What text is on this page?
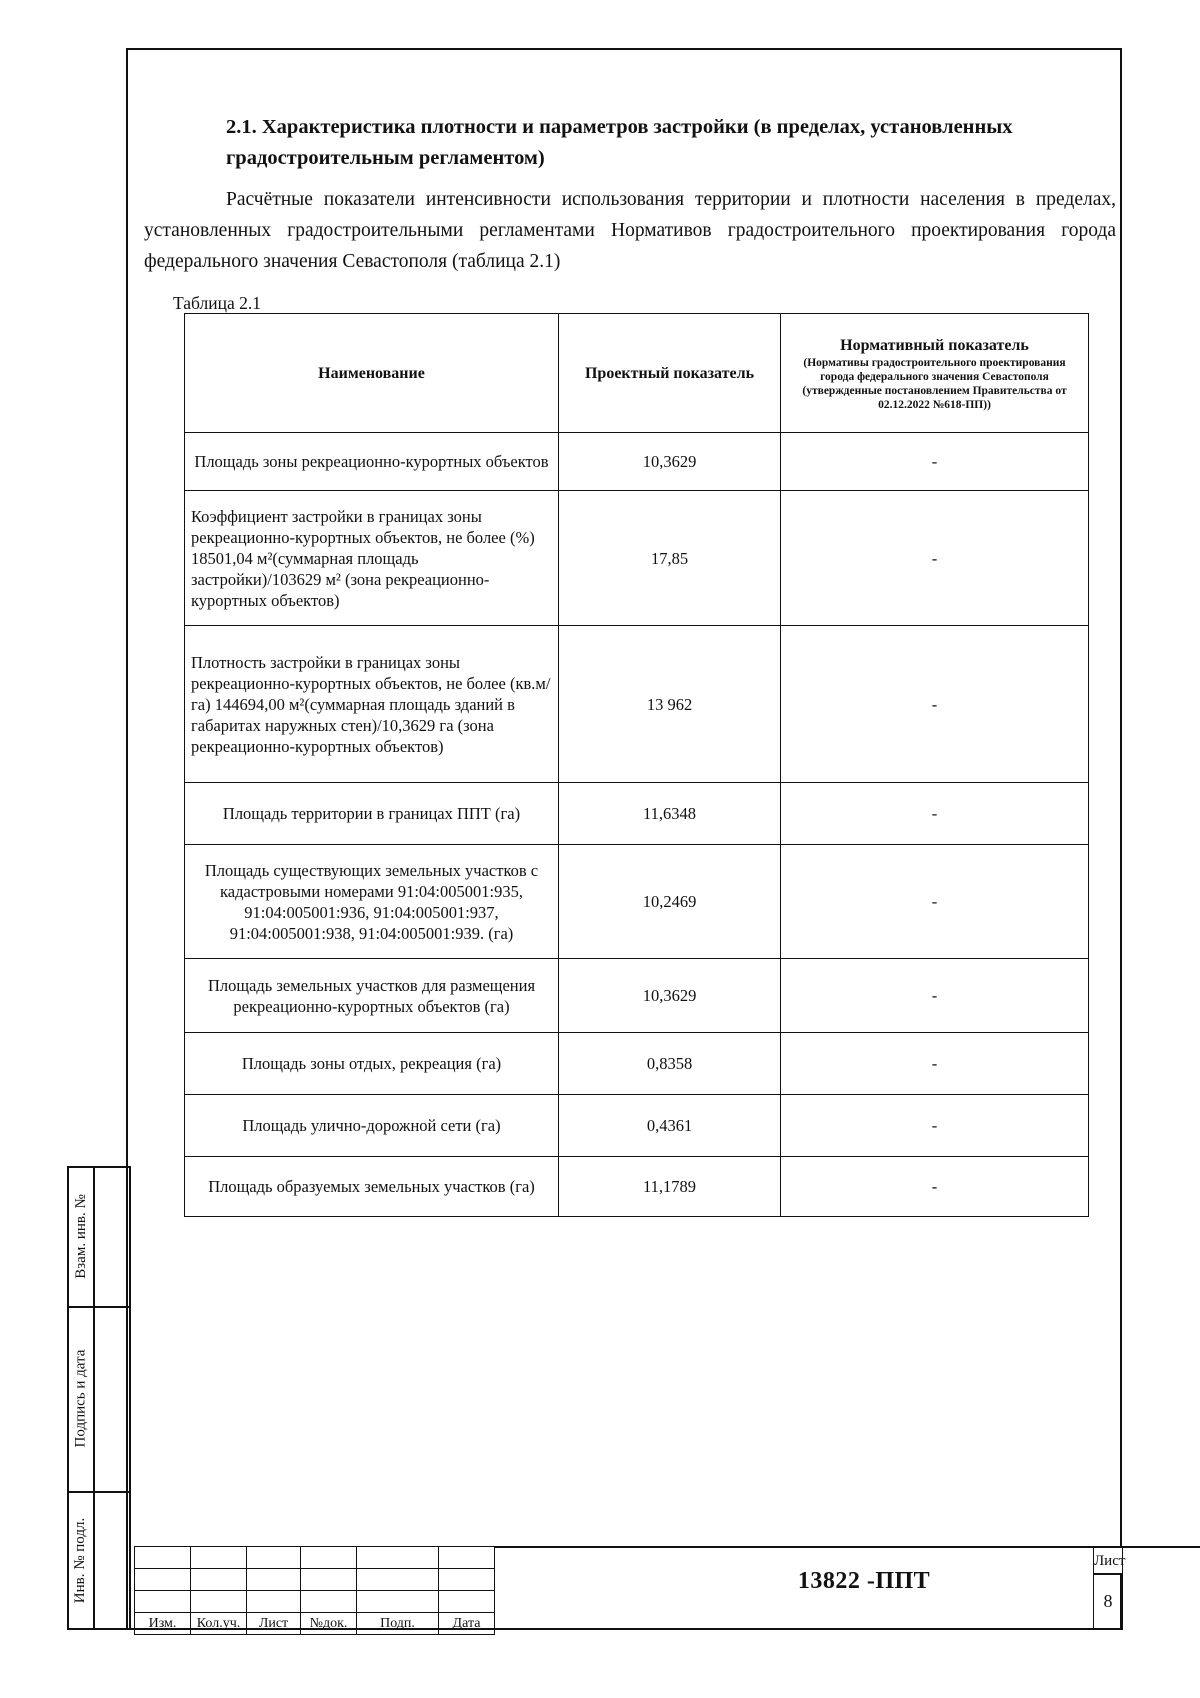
2.1. Характеристика плотности и параметров застройки (в пределах, установленных градостроительным регламентом)
Расчётные показатели интенсивности использования территории и плотности населения в пределах, установленных градостроительными регламентами Нормативов градостроительного проектирования города федерального значения Севастополя (таблица 2.1)
Таблица 2.1
Наименование	Проектный показатель	Нормативный показатель
(Нормативы градостроительного проектирования города федерального значения Севастополя (утвержденные постановлением Правительства от 02.12.2022 №618-ПП))

Площадь зоны рекреационно-курортных объектов	10,3629	-
Коэффициент застройки в границах зоны рекреационно-курортных объектов, не более (%) 18501,04 м²(суммарная площадь застройки)/103629 м² (зона рекреационно-курортных объектов)	17,85	-
Плотность застройки в границах зоны рекреационно-курортных объектов, не более (кв.м/га) 144694,00 м²(суммарная площадь зданий в габаритах наружных стен)/10,3629 га (зона рекреационно-курортных объектов)	13 962	-
Площадь территории в границах ППТ (га)	11,6348	-
Площадь существующих земельных участков с кадастровыми номерами 91:04:005001:935, 91:04:005001:936, 91:04:005001:937, 91:04:005001:938, 91:04:005001:939. (га)	10,2469	-
Площадь земельных участков для размещения рекреационно-курортных объектов (га)	10,3629	-
Площадь зоны отдых, рекреация (га)	0,8358	-
Площадь улично-дорожной сети (га)	0,4361	-
Площадь образуемых земельных участков (га)	11,1789	-
Взам. инв. №
Подпись и дата
Инв. № подл.

Изм.	Кол.уч.	Лист	№док.	Подп.	Дата
13822 -ППТ
Лист
8
